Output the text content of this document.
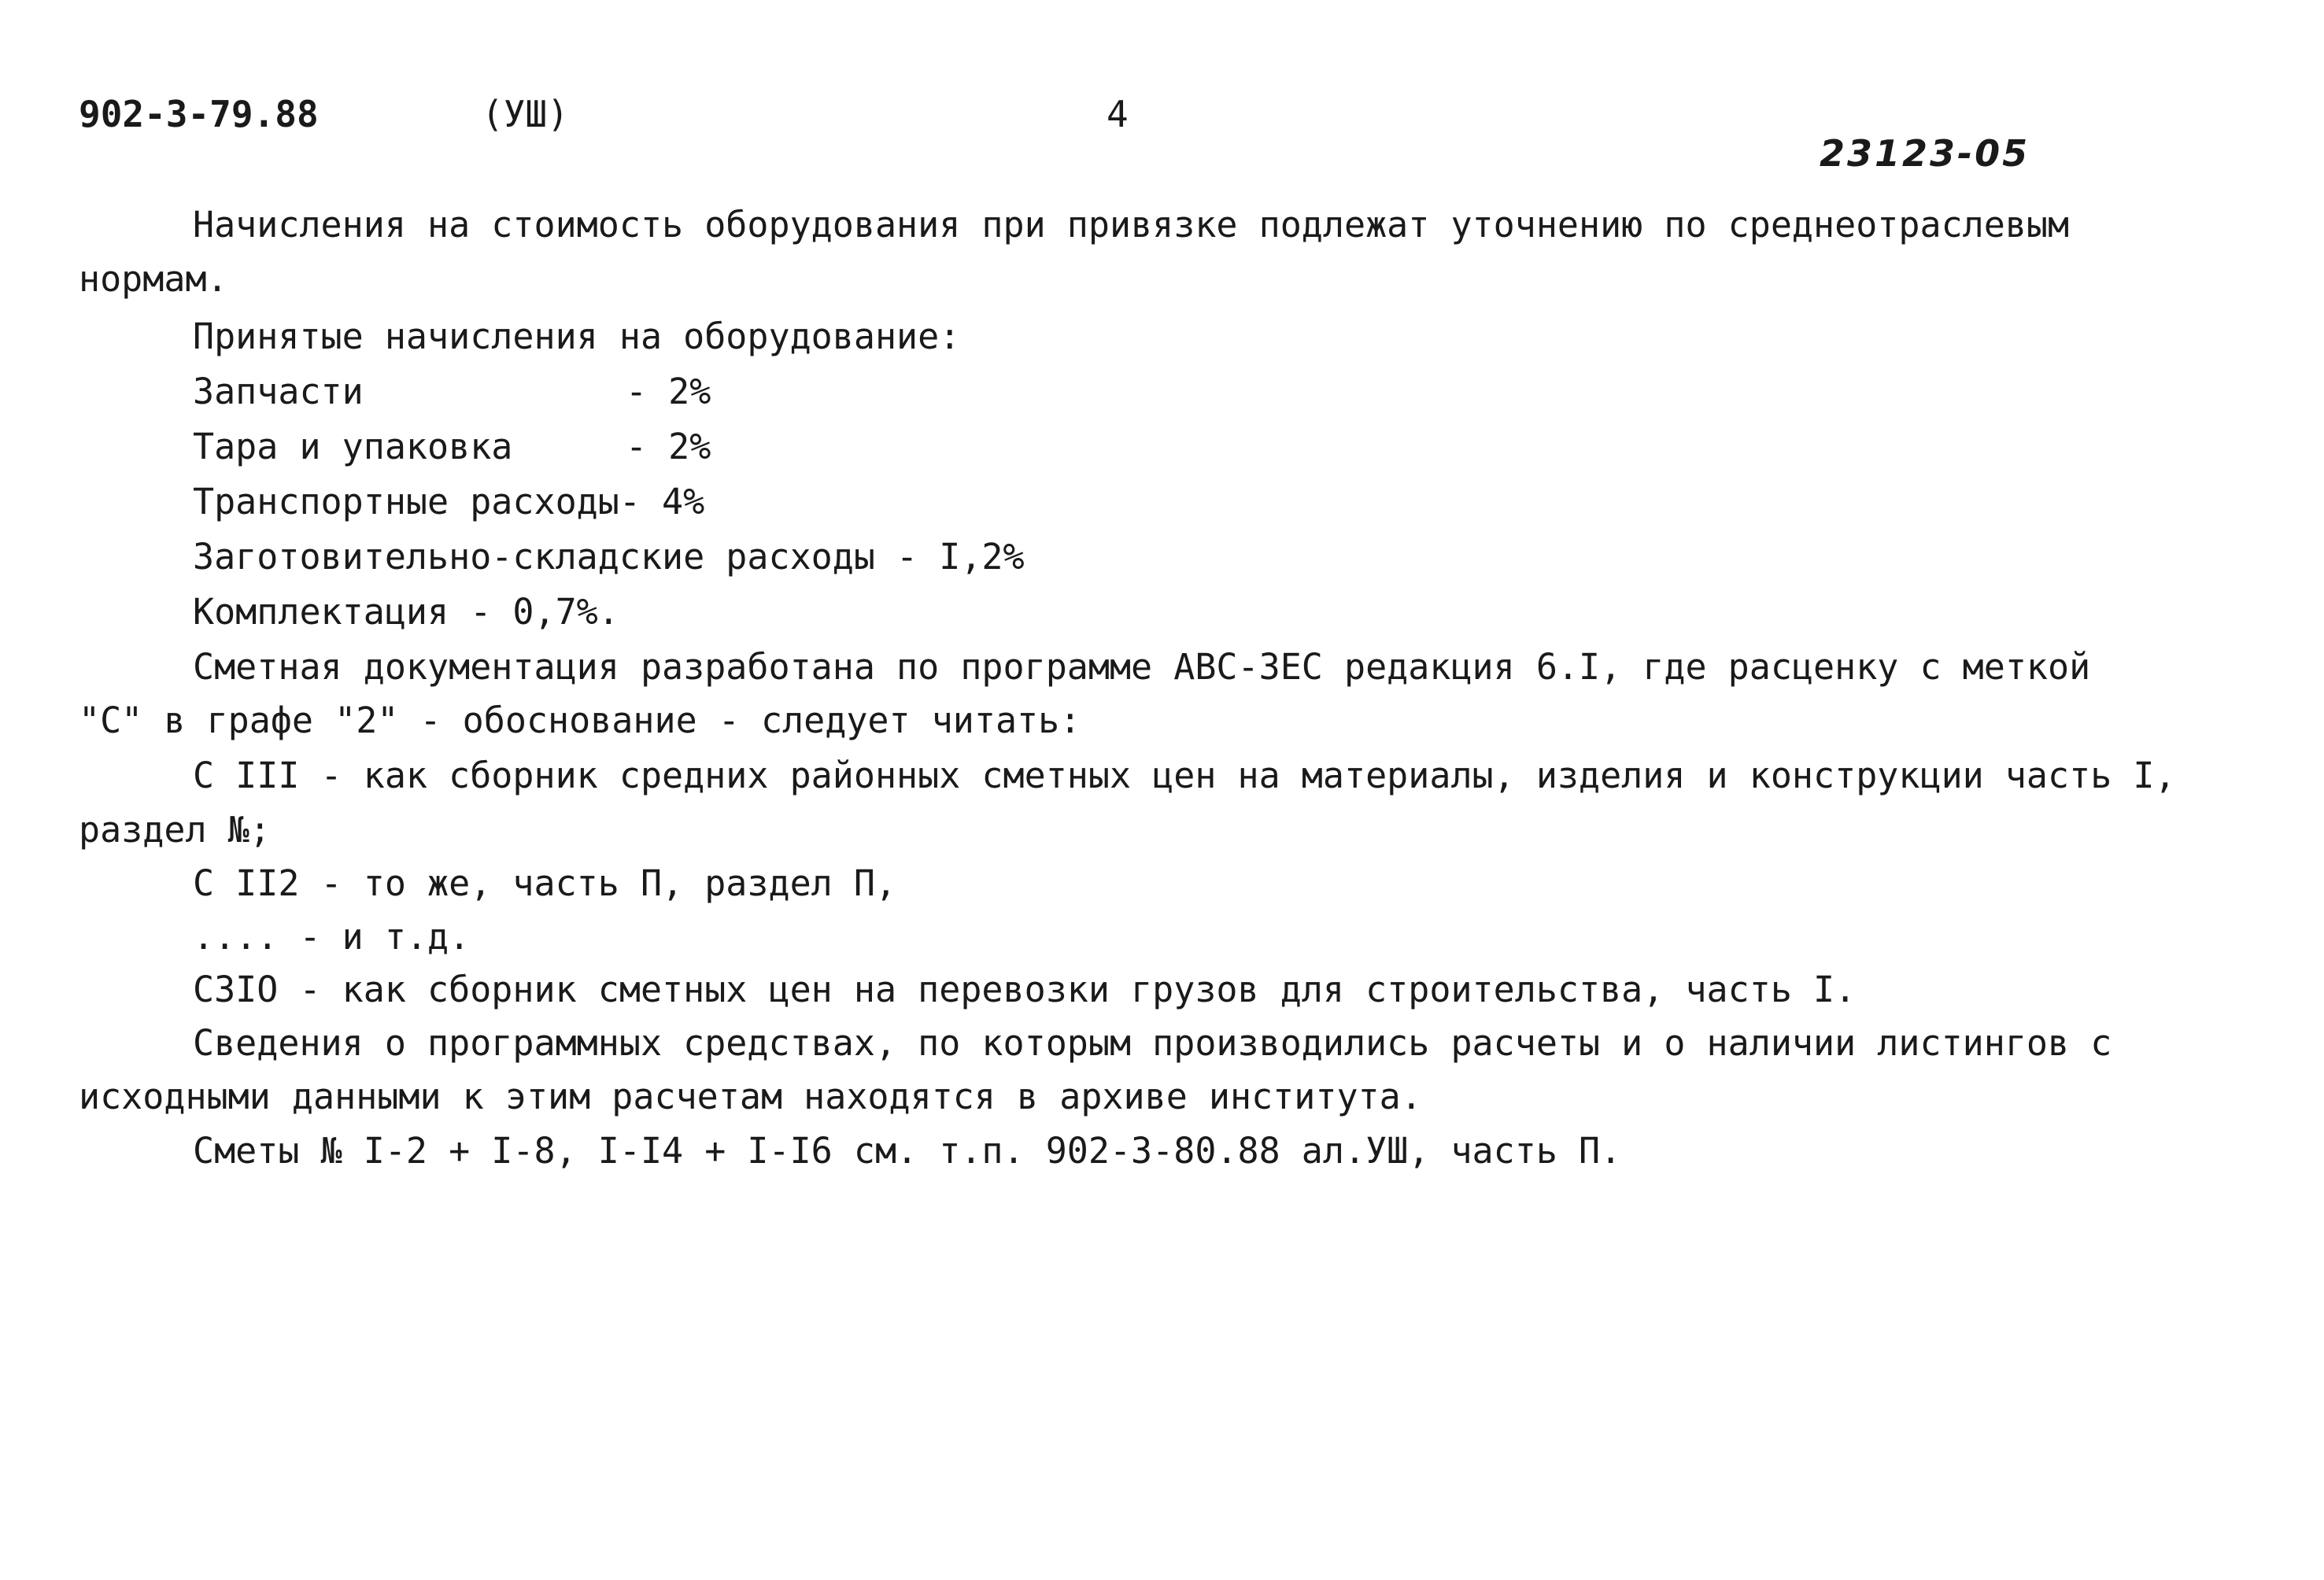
902-3-79.88	(УШ)	4
23123-05
Начисления на стоимость оборудования при привязке подлежат уточнению по среднеотраслевым
нормам.
Принятые начисления на оборудование:
Запчасти	- 2%
Тара и упаковка	- 2%
Транспортные расходы- 4%
Заготовительно-складские расходы - I,2%
Комплектация - 0,7%.
Сметная документация разработана по программе АВС-ЗЕС редакция 6.I, где расценку с меткой
"С" в графе "2" - обоснование - следует читать:
С III - как сборник средних районных сметных цен на материалы, изделия и конструкции часть I,
раздел №;
С II2 - то же, часть П, раздел П,
.... - и т.д.
СЗIО - как сборник сметных цен на перевозки грузов для строительства, часть I.
Сведения о программных средствах, по которым производились расчеты и о наличии листингов с
исходными данными к этим расчетам находятся в архиве института.
Сметы № I-2 + I-8, I-I4 + I-I6 см. т.п. 902-3-80.88 ал.УШ, часть П.
